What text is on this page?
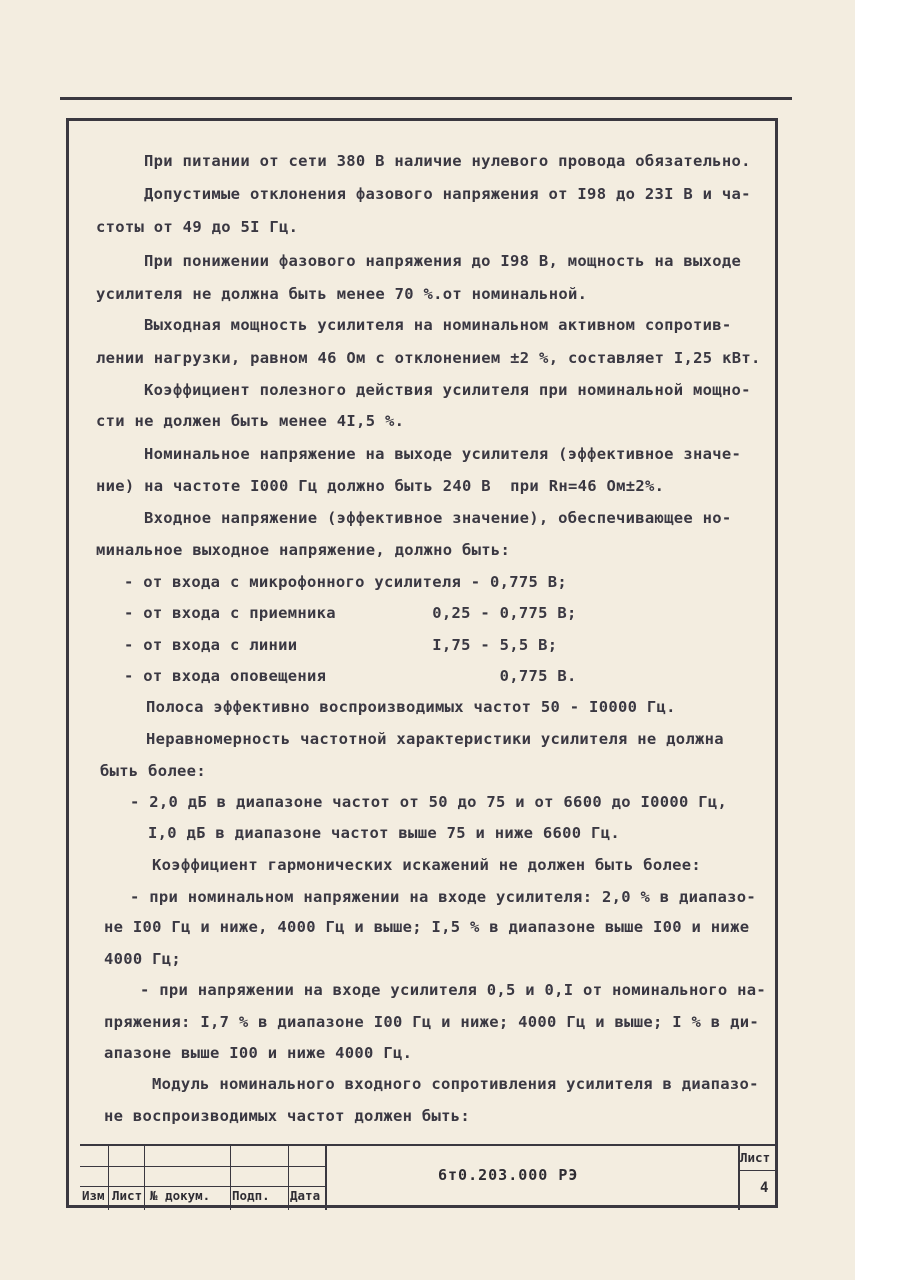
При питании от сети 380 В наличие нулевого провода обязательно.
Допустимые отклонения фазового напряжения от I98 до 23I В и ча-
стоты от 49 до 5I Гц.
При понижении фазового напряжения до I98 В, мощность на выходе
усилителя не должна быть менее 70 %.от номинальной.
Выходная мощность усилителя на номинальном активном сопротив-
лении нагрузки, равном 46 Ом с отклонением ±2 %, составляет I,25 кВт.
Коэффициент полезного действия усилителя при номинальной мощно-
сти не должен быть менее 4I,5 %.
Номинальное напряжение на выходе усилителя (эффективное значе-
ние) на частоте I000 Гц должно быть 240 В  при Rн=46 Ом±2%.
Входное напряжение (эффективное значение), обеспечивающее но-
минальное выходное напряжение, должно быть:
- от входа с микрофонного усилителя - 0,775 В;
- от входа с приемника          0,25 - 0,775 В;
- от входа с линии              I,75 - 5,5 В;
- от входа оповещения                  0,775 В.
Полоса эффективно воспроизводимых частот 50 - I0000 Гц.
Неравномерность частотной характеристики усилителя не должна
быть более:
- 2,0 дБ в диапазоне частот от 50 до 75 и от 6600 до I0000 Гц,
I,0 дБ в диапазоне частот выше 75 и ниже 6600 Гц.
Коэффициент гармонических искажений не должен быть более:
- при номинальном напряжении на входе усилителя: 2,0 % в диапазо-
не I00 Гц и ниже, 4000 Гц и выше; I,5 % в диапазоне выше I00 и ниже
4000 Гц;
- при напряжении на входе усилителя 0,5 и 0,I от номинального на-
пряжения: I,7 % в диапазоне I00 Гц и ниже; 4000 Гц и выше; I % в ди-
апазоне выше I00 и ниже 4000 Гц.
Модуль номинального входного сопротивления усилителя в диапазо-
не воспроизводимых частот должен быть:
Изм Лист № докум. Подп. Дата
6т0.203.000 РЭ
Лист
4
